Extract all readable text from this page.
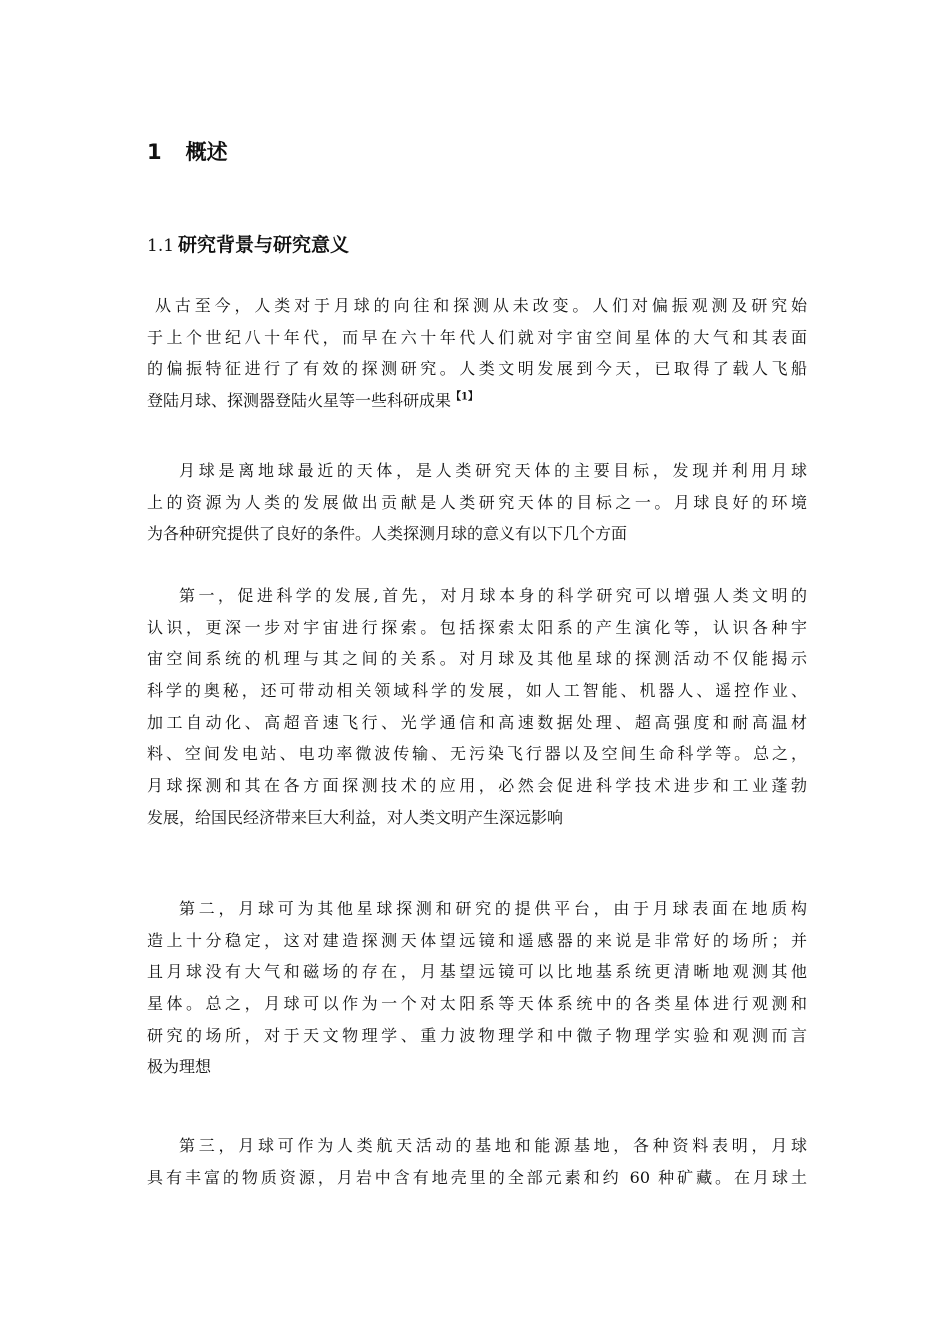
1 概述
1.1 研究背景与研究意义
从古至今，人类对于月球的向往和探测从未改变。人们对偏振观测及研究始
于上个世纪八十年代，而早在六十年代人们就对宇宙空间星体的大气和其表面
的偏振特征进行了有效的探测研究。人类文明发展到今天，已取得了载人飞船
登陆月球、探测器登陆火星等一些科研成果$^{【1】}$
月球是离地球最近的天体，是人类研究天体的主要目标，发现并利用月球
上的资源为人类的发展做出贡献是人类研究天体的目标之一。月球良好的环境
为各种研究提供了良好的条件。人类探测月球的意义有以下几个方面
第一，促进科学的发展,首先，对月球本身的科学研究可以增强人类文明的
认识，更深一步对宇宙进行探索。包括探索太阳系的产生演化等，认识各种宇
宙空间系统的机理与其之间的关系。对月球及其他星球的探测活动不仅能揭示
科学的奥秘，还可带动相关领域科学的发展，如人工智能、机器人、遥控作业、
加工自动化、高超音速飞行、光学通信和高速数据处理、超高强度和耐高温材
料、空间发电站、电功率微波传输、无污染飞行器以及空间生命科学等。总之，
月球探测和其在各方面探测技术的应用，必然会促进科学技术进步和工业蓬勃
发展，给国民经济带来巨大利益，对人类文明产生深远影响
第二，月球可为其他星球探测和研究的提供平台，由于月球表面在地质构
造上十分稳定，这对建造探测天体望远镜和遥感器的来说是非常好的场所；并
且月球没有大气和磁场的存在，月基望远镜可以比地基系统更清晰地观测其他
星体。总之，月球可以作为一个对太阳系等天体系统中的各类星体进行观测和
研究的场所，对于天文物理学、重力波物理学和中微子物理学实验和观测而言
极为理想
第三，月球可作为人类航天活动的基地和能源基地，各种资料表明，月球
具有丰富的物质资源，月岩中含有地壳里的全部元素和约 60 种矿藏。在月球土
